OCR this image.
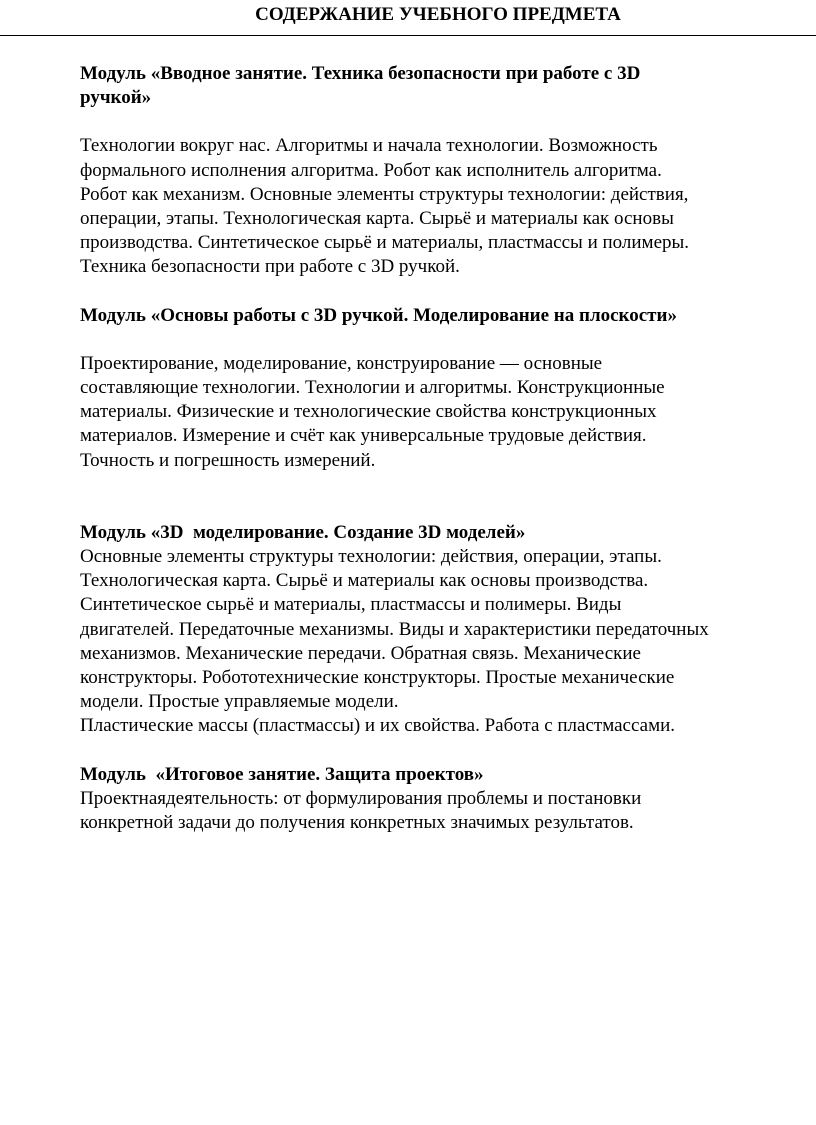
СОДЕРЖАНИЕ УЧЕБНОГО ПРЕДМЕТА

Модуль «Вводное занятие. Техника безопасности при работе с 3D
ручкой»

Технологии вокруг нас. Алгоритмы и начала технологии. Возможность
формального исполнения алгоритма. Робот как исполнитель алгоритма.
Робот как механизм. Основные элементы структуры технологии: действия,
операции, этапы. Технологическая карта. Сырьё и материалы как основы
производства. Синтетическое сырьё и материалы, пластмассы и полимеры.
Техника безопасности при работе с 3D ручкой.

Модуль «Основы работы с 3D ручкой. Моделирование на плоскости»

Проектирование, моделирование, конструирование — основные
составляющие технологии. Технологии и алгоритмы. Конструкционные
материалы. Физические и технологические свойства конструкционных
материалов. Измерение и счёт как универсальные трудовые действия.
Точность и погрешность измерений.

Модуль «3D  моделирование. Создание 3D моделей»

Основные элементы структуры технологии: действия, операции, этапы.
Технологическая карта. Сырьё и материалы как основы производства.
Синтетическое сырьё и материалы, пластмассы и полимеры. Виды
двигателей. Передаточные механизмы. Виды и характеристики передаточных
механизмов. Механические передачи. Обратная связь. Механические
конструкторы. Робототехнические конструкторы. Простые механические
модели. Простые управляемые модели.

Пластические массы (пластмассы) и их свойства. Работа с пластмассами.

Модуль  «Итоговое занятие. Защита проектов»

Проектнаядеятельность: от формулирования проблемы и постановки
конкретной задачи до получения конкретных значимых результатов.
